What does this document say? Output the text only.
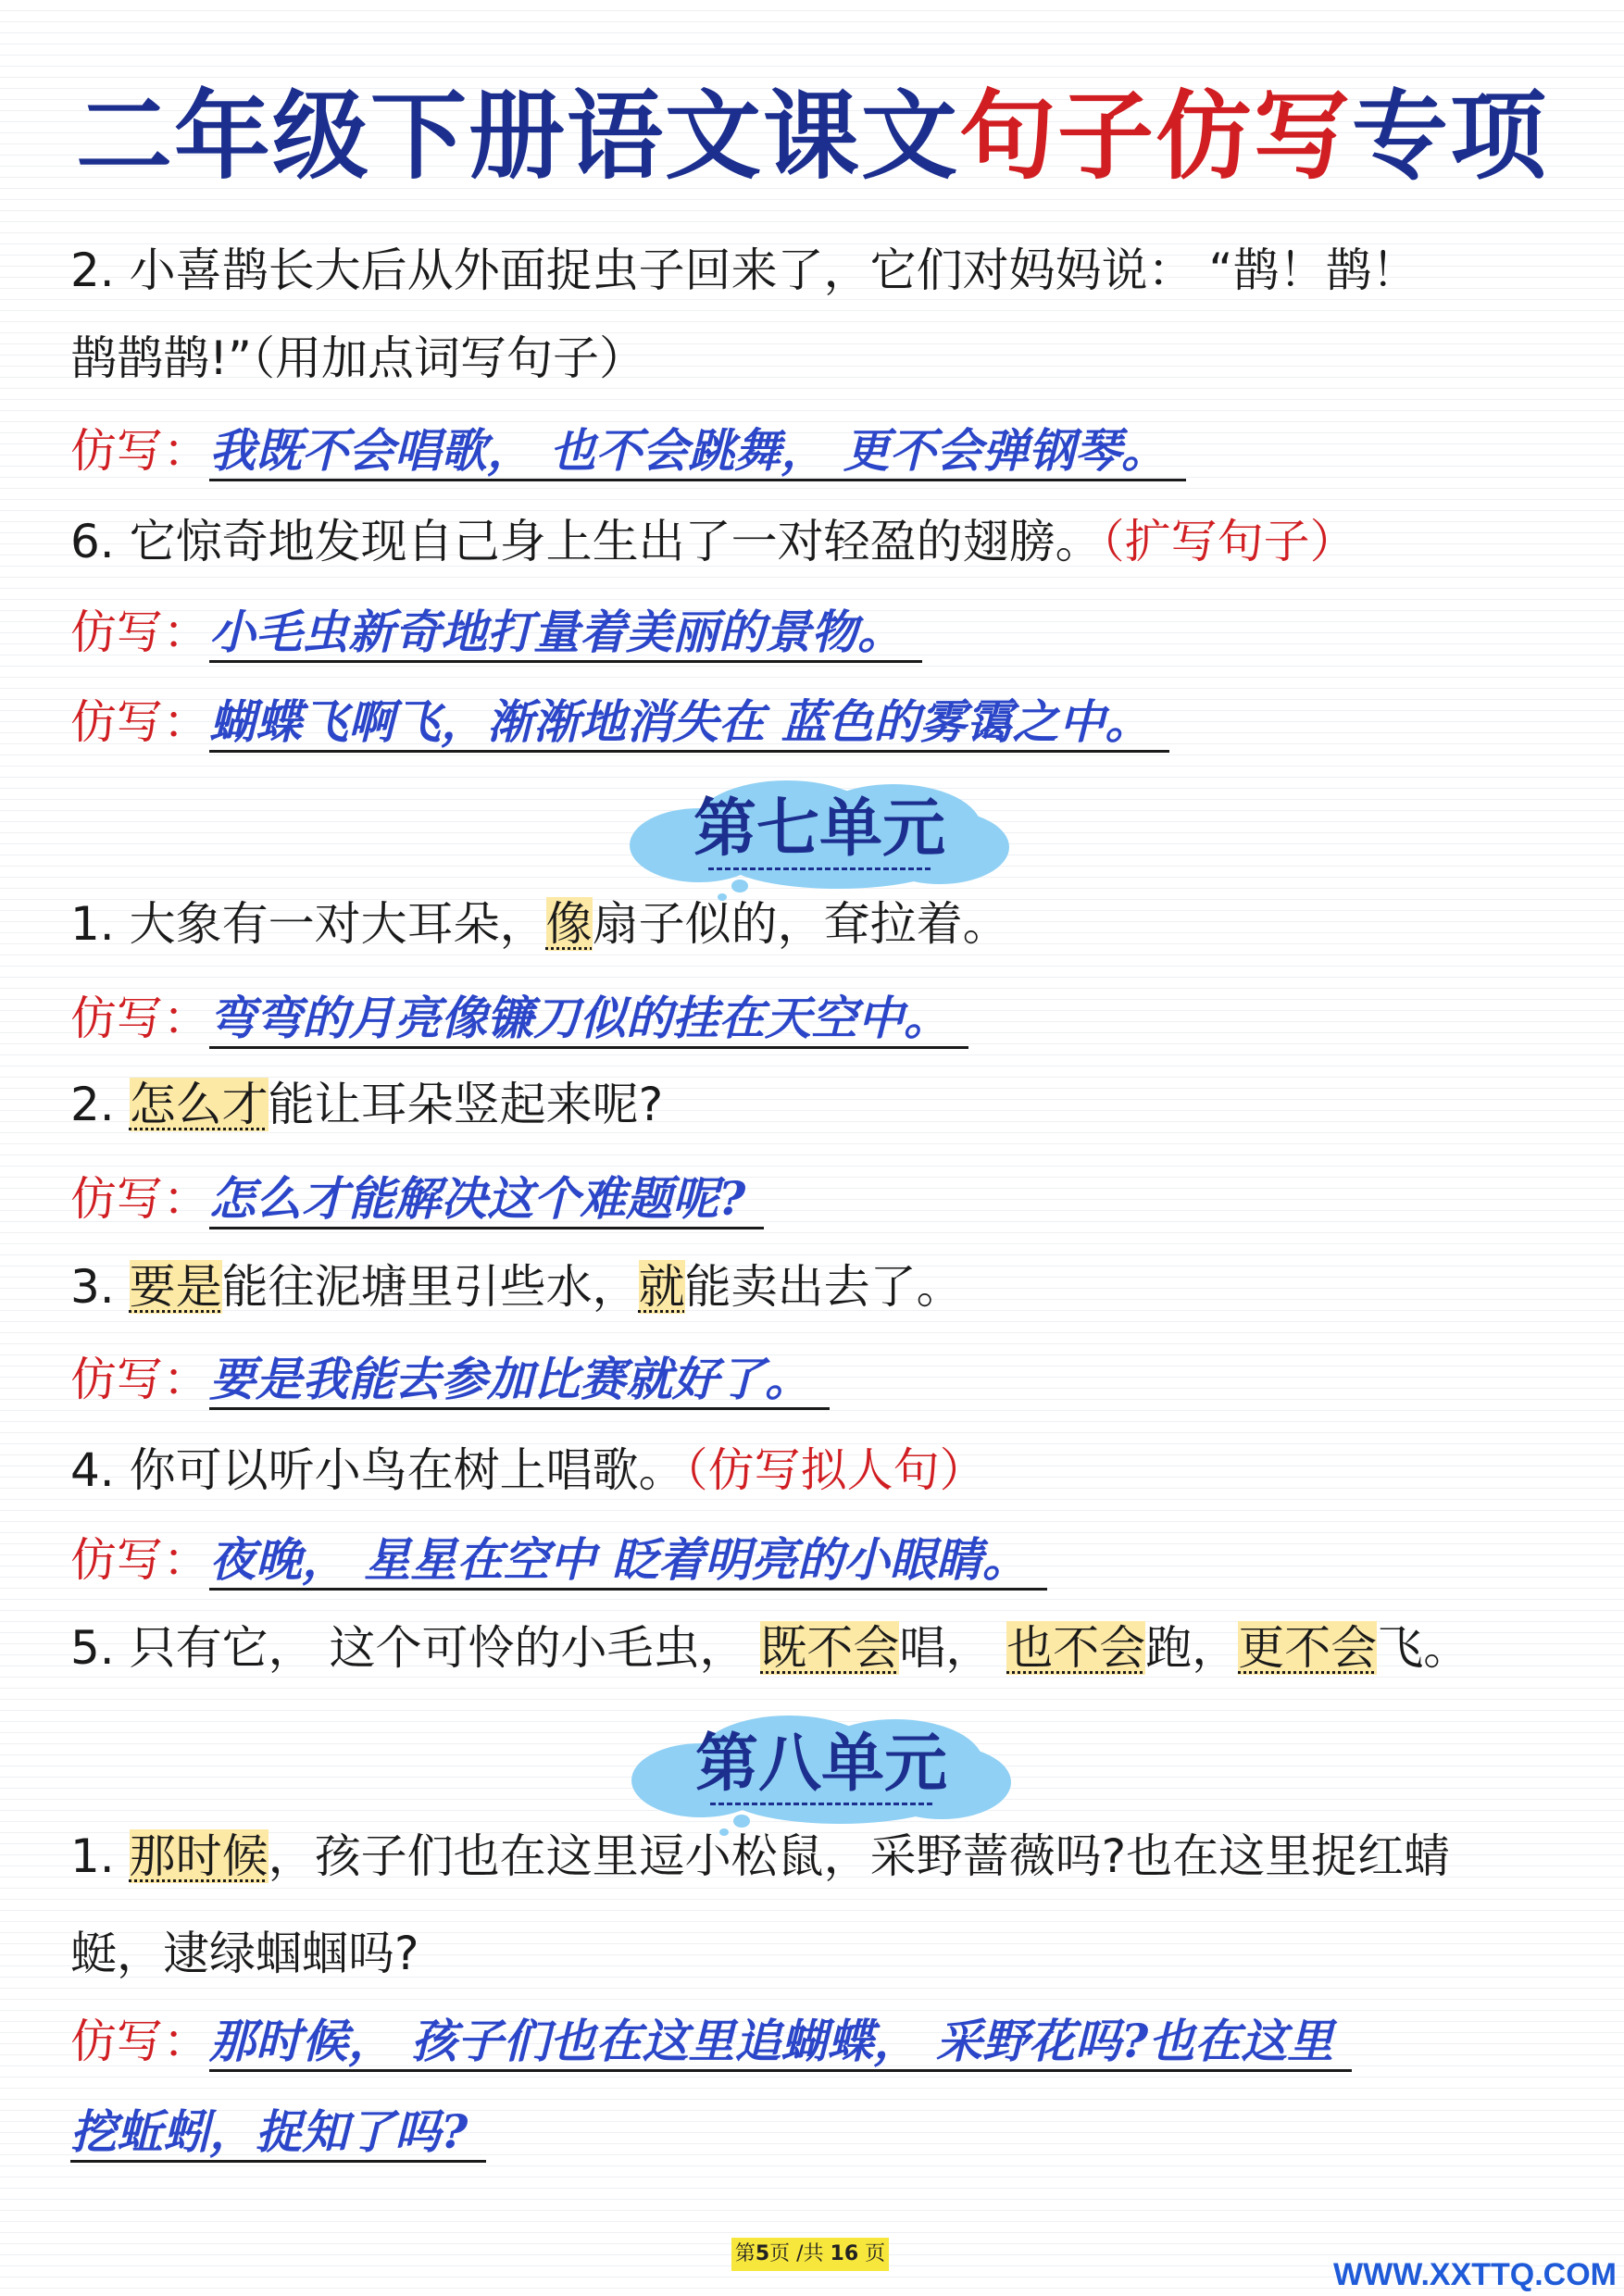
二年级下册语文课文句子仿写专项
2. 小喜鹊长大后从外面捉虫子回来了，它们对妈妈说： “鹊！鹊！
鹊鹊鹊!”（用加点词写句子）
仿写：我既不会唱歌， 也不会跳舞， 更不会弹钢琴。
6. 它惊奇地发现自己身上生出了一对轻盈的翅膀。（扩写句子）
仿写：小毛虫新奇地打量着美丽的景物。
仿写：蝴蝶飞啊飞，渐渐地消失在 蓝色的雾霭之中。
第七单元
1. 大象有一对大耳朵，像扇子似的，耷拉着。
仿写：弯弯的月亮像镰刀似的挂在天空中。
2. 怎么才能让耳朵竖起来呢?
仿写：怎么才能解决这个难题呢?
3. 要是能往泥塘里引些水，就能卖出去了。
仿写：要是我能去参加比赛就好了。
4. 你可以听小鸟在树上唱歌。（仿写拟人句）
仿写：夜晚， 星星在空中 眨着明亮的小眼睛。
5. 只有它， 这个可怜的小毛虫， 既不会唱， 也不会跑，更不会飞。
第八单元
1. 那时候，孩子们也在这里逗小松鼠，采野蔷薇吗?也在这里捉红蜻
蜓，逮绿蝈蝈吗?
仿写：那时候， 孩子们也在这里追蝴蝶， 采野花吗?也在这里
挖蚯蚓，捉知了吗?
第5页 /共 16 页
WWW.XXTTQ.COM
